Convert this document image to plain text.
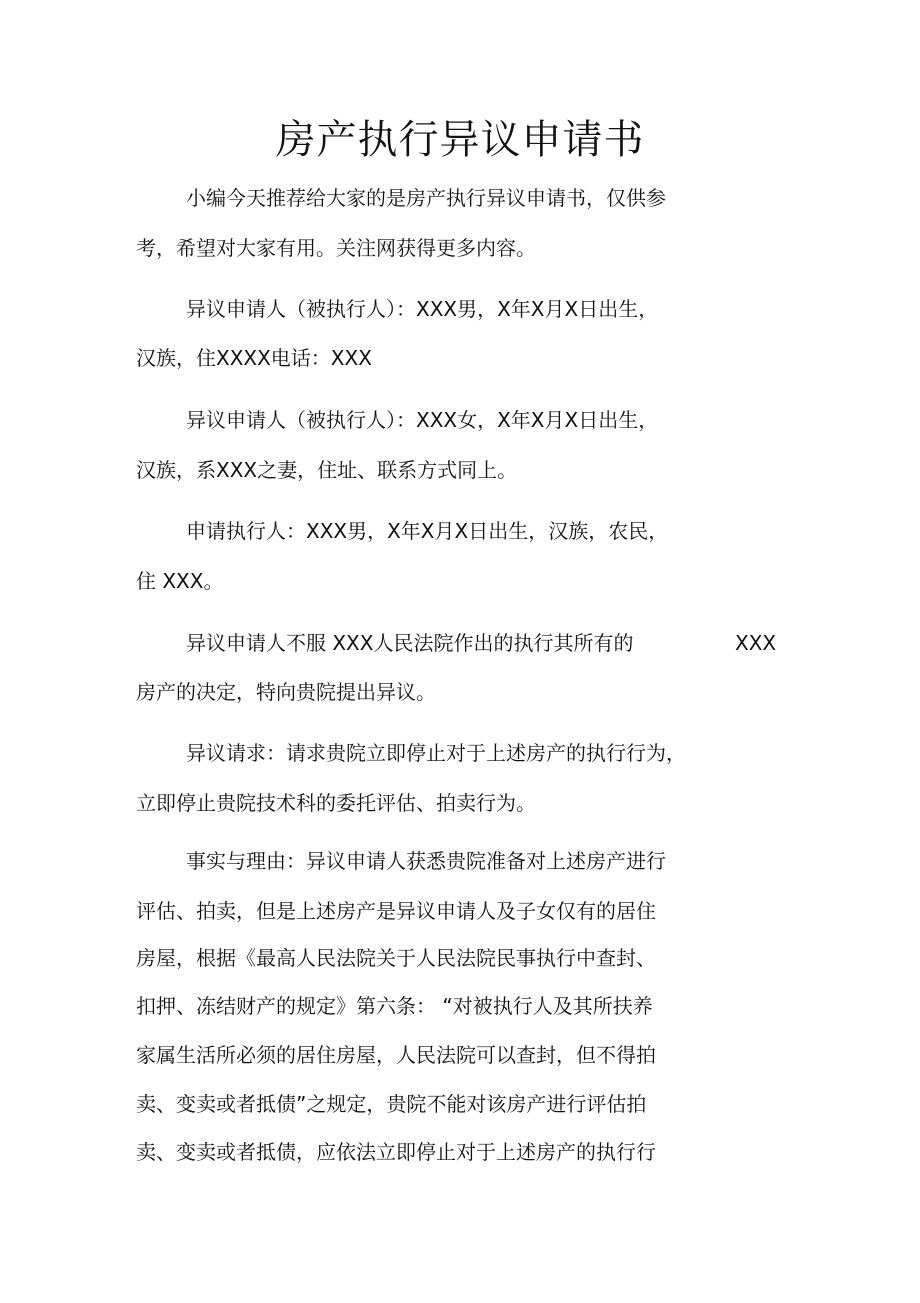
房产执行异议申请书
小编今天推荐给大家的是房产执行异议申请书，仅供参
考，希望对大家有用。关注网获得更多内容。
异议申请人（被执行人）：XXX男，X年X月X日出生，
汉族，住XXXX电话：XXX
异议申请人（被执行人）：XXX女，X年X月X日出生，
汉族，系XXX之妻，住址、联系方式同上。
申请执行人：XXX男，X年X月X日出生，汉族，农民，
住 XXX。
异议申请人不服 XXX人民法院作出的执行其所有的	XXX
房产的决定，特向贵院提出异议。
异议请求：请求贵院立即停止对于上述房产的执行行为，
立即停止贵院技术科的委托评估、拍卖行为。
事实与理由：异议申请人获悉贵院准备对上述房产进行
评估、拍卖，但是上述房产是异议申请人及子女仅有的居住
房屋，根据《最高人民法院关于人民法院民事执行中查封、
扣押、冻结财产的规定》第六条： “对被执行人及其所扶养
家属生活所必须的居住房屋，人民法院可以查封，但不得拍
卖、变卖或者抵债”之规定，贵院不能对该房产进行评估拍
卖、变卖或者抵债，应依法立即停止对于上述房产的执行行
